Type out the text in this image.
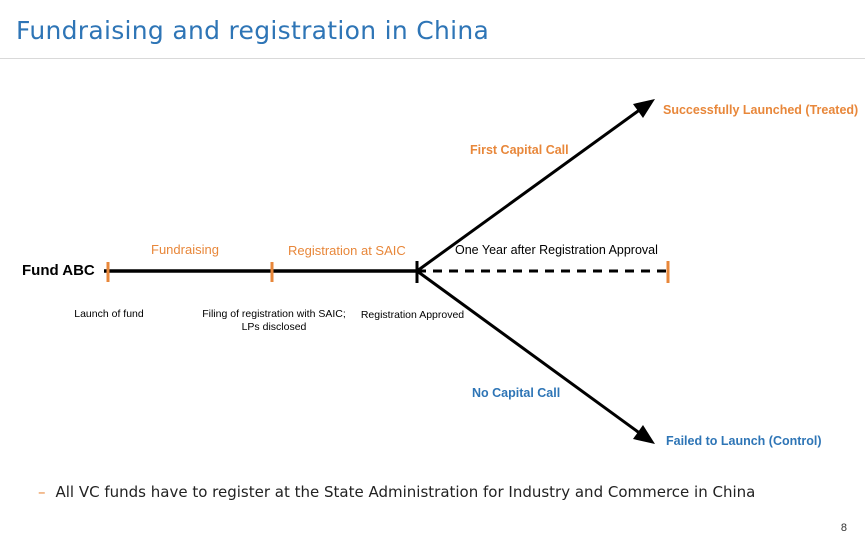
Fundraising and registration in China
Fund ABC
Fundraising	Registration at SAIC	One Year after Registration Approval
Launch of fund	Filing of registration with SAIC;
LPs disclosed
Registration Approved
First Capital Call
Successfully Launched (Treated)
No Capital Call
Failed to Launch (Control)
– All VC funds have to register at the State Administration for Industry and Commerce in China
8
